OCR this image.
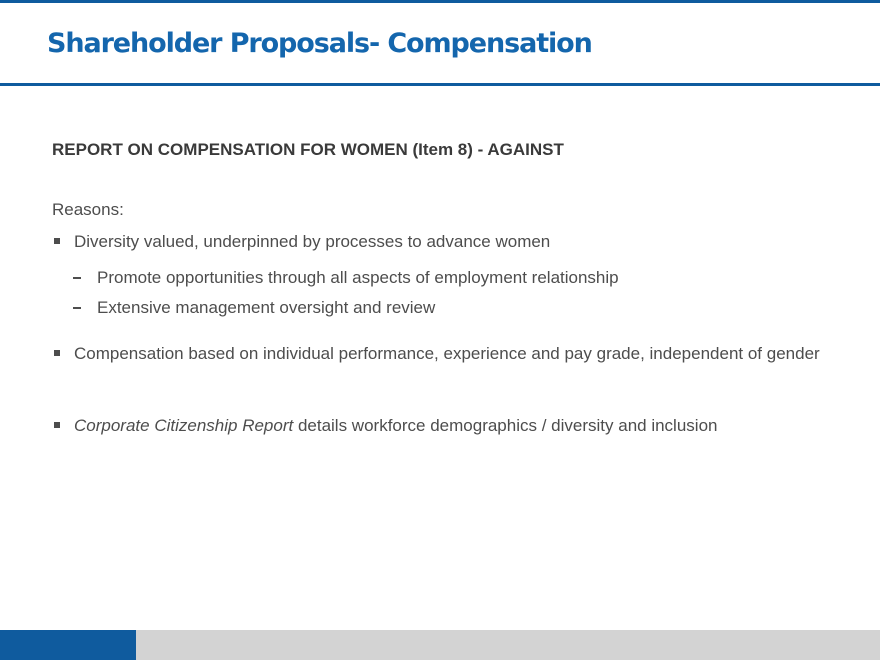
Shareholder Proposals- Compensation
REPORT ON COMPENSATION FOR WOMEN (Item 8) - AGAINST

Reasons:

Diversity valued, underpinned by processes to advance women
Promote opportunities through all aspects of employment relationship
Extensive management oversight and review
Compensation based on individual performance, experience and pay grade, independent of gender
Corporate Citizenship Report details workforce demographics / diversity and inclusion
